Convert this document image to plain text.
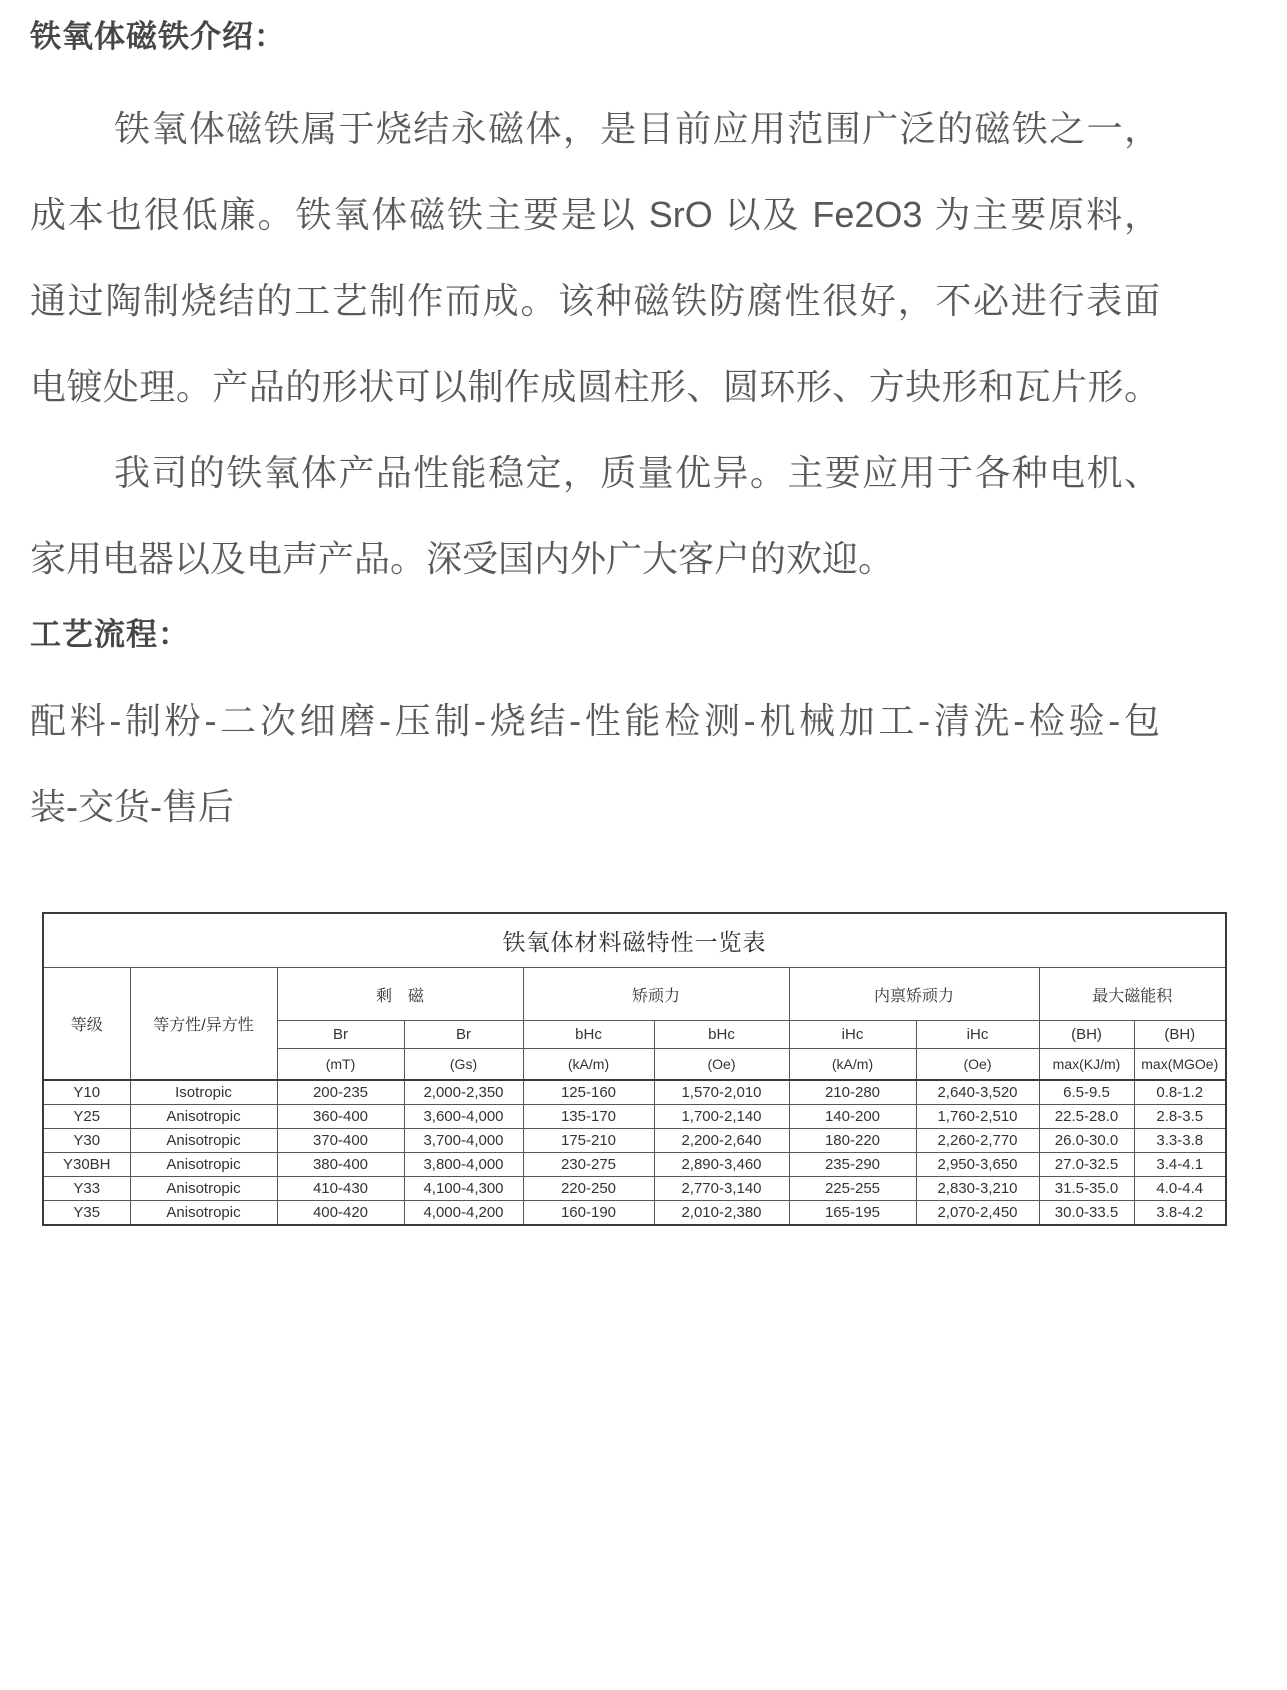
铁氧体磁铁介绍：
铁氧体磁铁属于烧结永磁体，是目前应用范围广泛的磁铁之一，
成本也很低廉。铁氧体磁铁主要是以 SrO 以及 Fe2O3 为主要原料，
通过陶制烧结的工艺制作而成。该种磁铁防腐性很好，不必进行表面
电镀处理。产品的形状可以制作成圆柱形、圆环形、方块形和瓦片形。
我司的铁氧体产品性能稳定，质量优异。主要应用于各种电机、
家用电器以及电声产品。深受国内外广大客户的欢迎。
工艺流程：
配料-制粉-二次细磨-压制-烧结-性能检测-机械加工-清洗-检验-包
装-交货-售后
铁氧体材料磁特性一览表									
等级	等方性/异方性	剩　磁		矫顽力		内禀矫顽力		最大磁能积	
		Br	Br	bHc	bHc	iHc	iHc	(BH)	(BH)
		(mT)	(Gs)	(kA/m)	(Oe)	(kA/m)	(Oe)	max(KJ/m)	max(MGOe)
Y10	Isotropic	200-235	2,000-2,350	125-160	1,570-2,010	210-280	2,640-3,520	6.5-9.5	0.8-1.2
Y25	Anisotropic	360-400	3,600-4,000	135-170	1,700-2,140	140-200	1,760-2,510	22.5-28.0	2.8-3.5
Y30	Anisotropic	370-400	3,700-4,000	175-210	2,200-2,640	180-220	2,260-2,770	26.0-30.0	3.3-3.8
Y30BH	Anisotropic	380-400	3,800-4,000	230-275	2,890-3,460	235-290	2,950-3,650	27.0-32.5	3.4-4.1
Y33	Anisotropic	410-430	4,100-4,300	220-250	2,770-3,140	225-255	2,830-3,210	31.5-35.0	4.0-4.4
Y35	Anisotropic	400-420	4,000-4,200	160-190	2,010-2,380	165-195	2,070-2,450	30.0-33.5	3.8-4.2
